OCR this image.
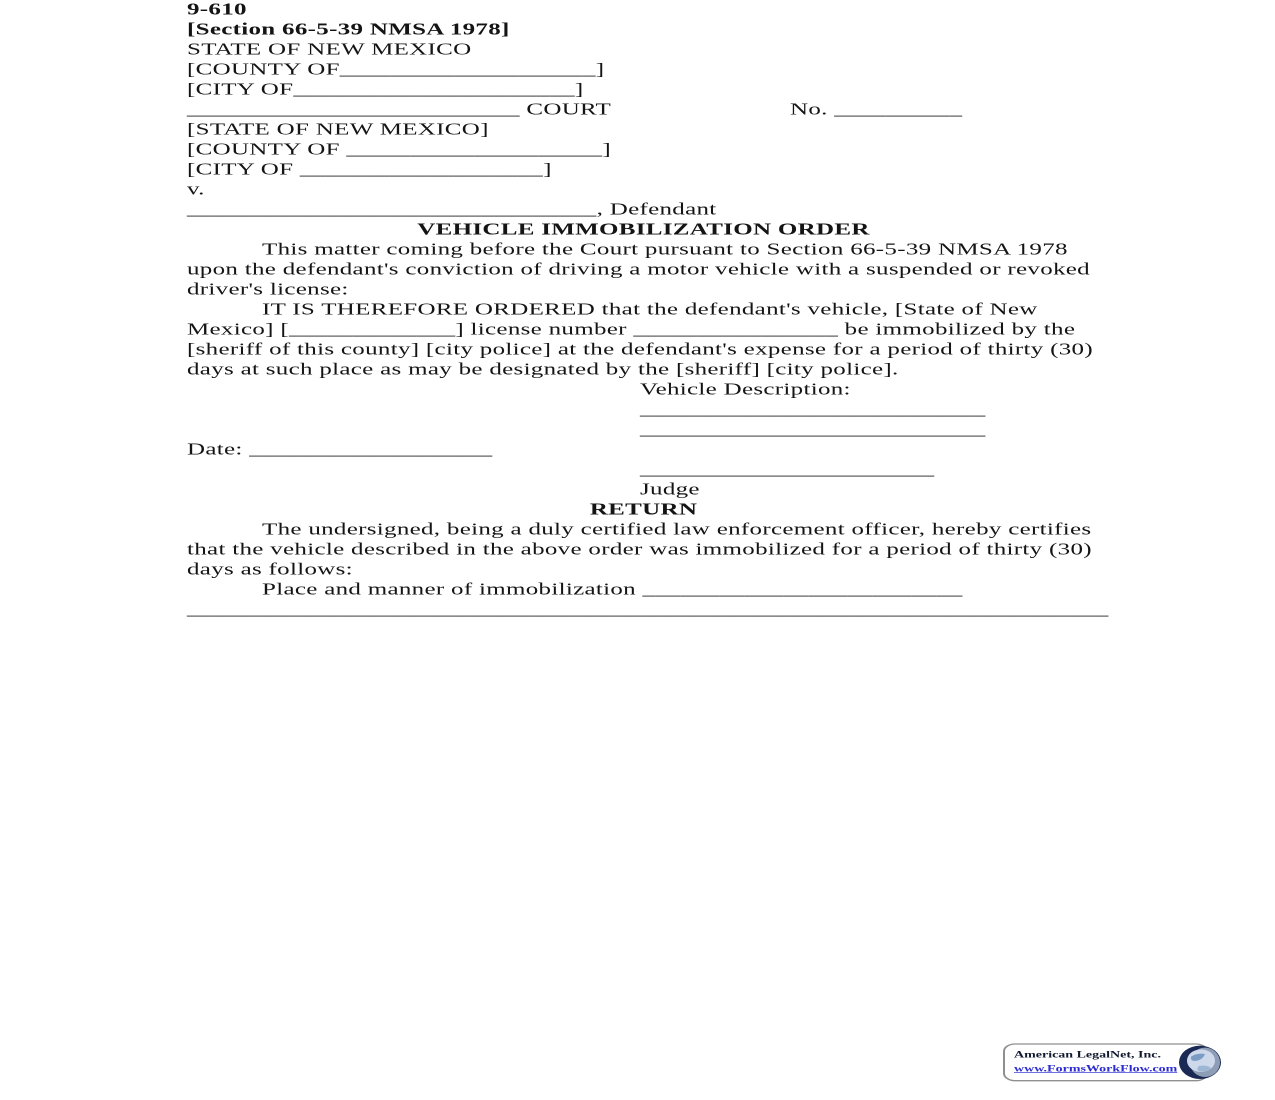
9-610

[Section 66-5-39 NMSA 1978]

STATE OF NEW MEXICO

[COUNTY OF____________________]

[CITY OF______________________]

__________________________ COURT	No. __________

[STATE OF NEW MEXICO]

[COUNTY OF ____________________]

[CITY OF ___________________]

v.

________________________________, Defendant

VEHICLE IMMOBILIZATION ORDER

This matter coming before the Court pursuant to Section 66-5-39 NMSA 1978 upon the defendant's conviction of driving a motor vehicle with a suspended or revoked driver's license:

IT IS THEREFORE ORDERED that the defendant's vehicle, [State of New Mexico] [_____________] license number ________________ be immobilized by the [sheriff of this county] [city police] at the defendant's expense for a period of thirty (30) days at such place as may be designated by the [sheriff] [city police].

Vehicle Description:

___________________________

___________________________

Date: ___________________

_______________________

Judge

RETURN

The undersigned, being a duly certified law enforcement officer, hereby certifies that the vehicle described in the above order was immobilized for a period of thirty (30) days as follows:

Place and manner of immobilization _________________________

________________________________________________________________________

American LegalNet, Inc.
www.FormsWorkFlow.com
